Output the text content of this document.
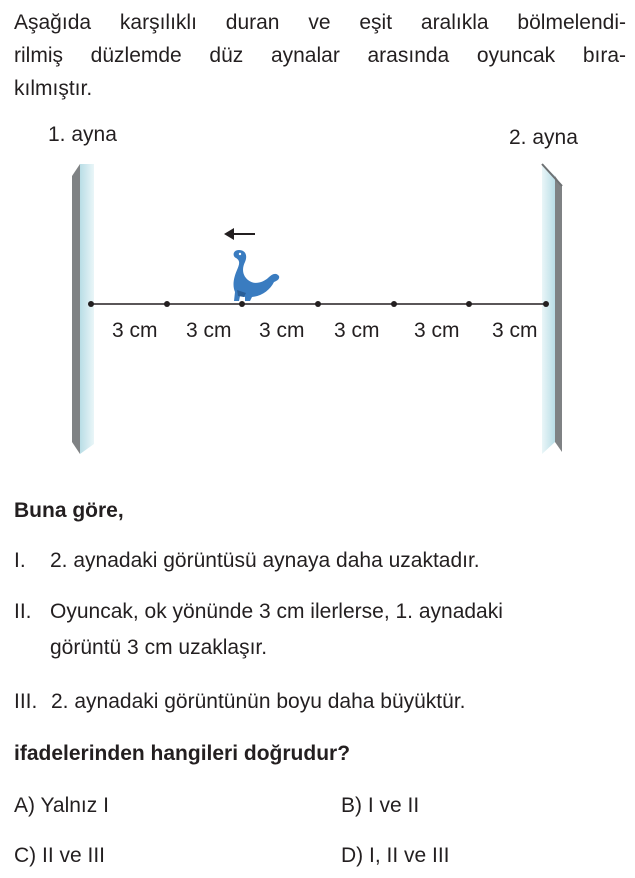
Aşağıda karşılıklı duran ve eşit aralıkla bölmelendi-
rilmiş düzlemde düz aynalar arasında oyuncak bıra-
kılmıştır.
1. ayna	2. ayna
3 cm 3 cm 3 cm 3 cm 3 cm 3 cm
Buna göre,
I. 2. aynadaki görüntüsü aynaya daha uzaktadır.
II. Oyuncak, ok yönünde 3 cm ilerlerse, 1. aynadaki
görüntü 3 cm uzaklaşır.
III. 2. aynadaki görüntünün boyu daha büyüktür.
ifadelerinden hangileri doğrudur?
A) Yalnız I	B) I ve II
C) II ve III	D) I, II ve III
